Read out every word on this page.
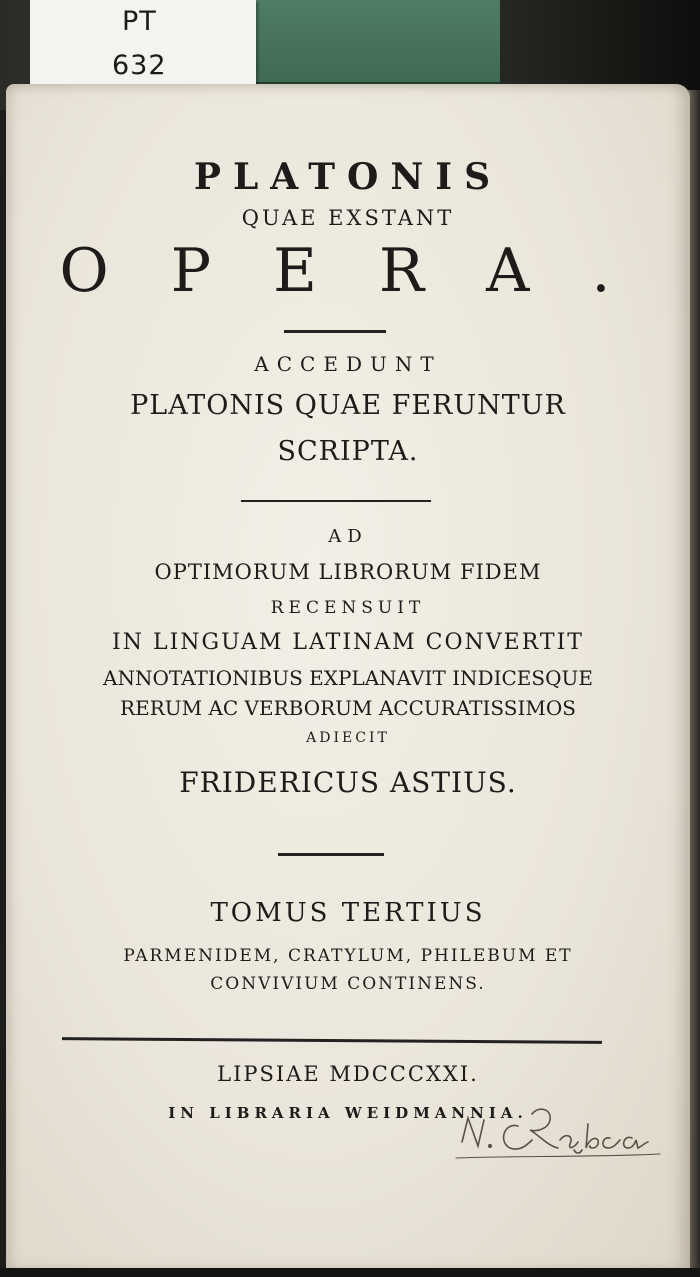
PT
632

PLATONIS

QUAE EXSTANT

OPERA.

ACCEDUNT

PLATONIS QUAE FERUNTUR

SCRIPTA.

AD

OPTIMORUM LIBRORUM FIDEM

RECENSUIT

IN LINGUAM LATINAM CONVERTIT

ANNOTATIONIBUS EXPLANAVIT INDICESQUE

RERUM AC VERBORUM ACCURATISSIMOS

ADIECIT

FRIDERICUS ASTIUS.

TOMUS TERTIUS

PARMENIDEM, CRATYLUM, PHILEBUM ET

CONVIVIUM CONTINENS.

LIPSIAE MDCCCXXI.

IN LIBRARIA WEIDMANNIA.
